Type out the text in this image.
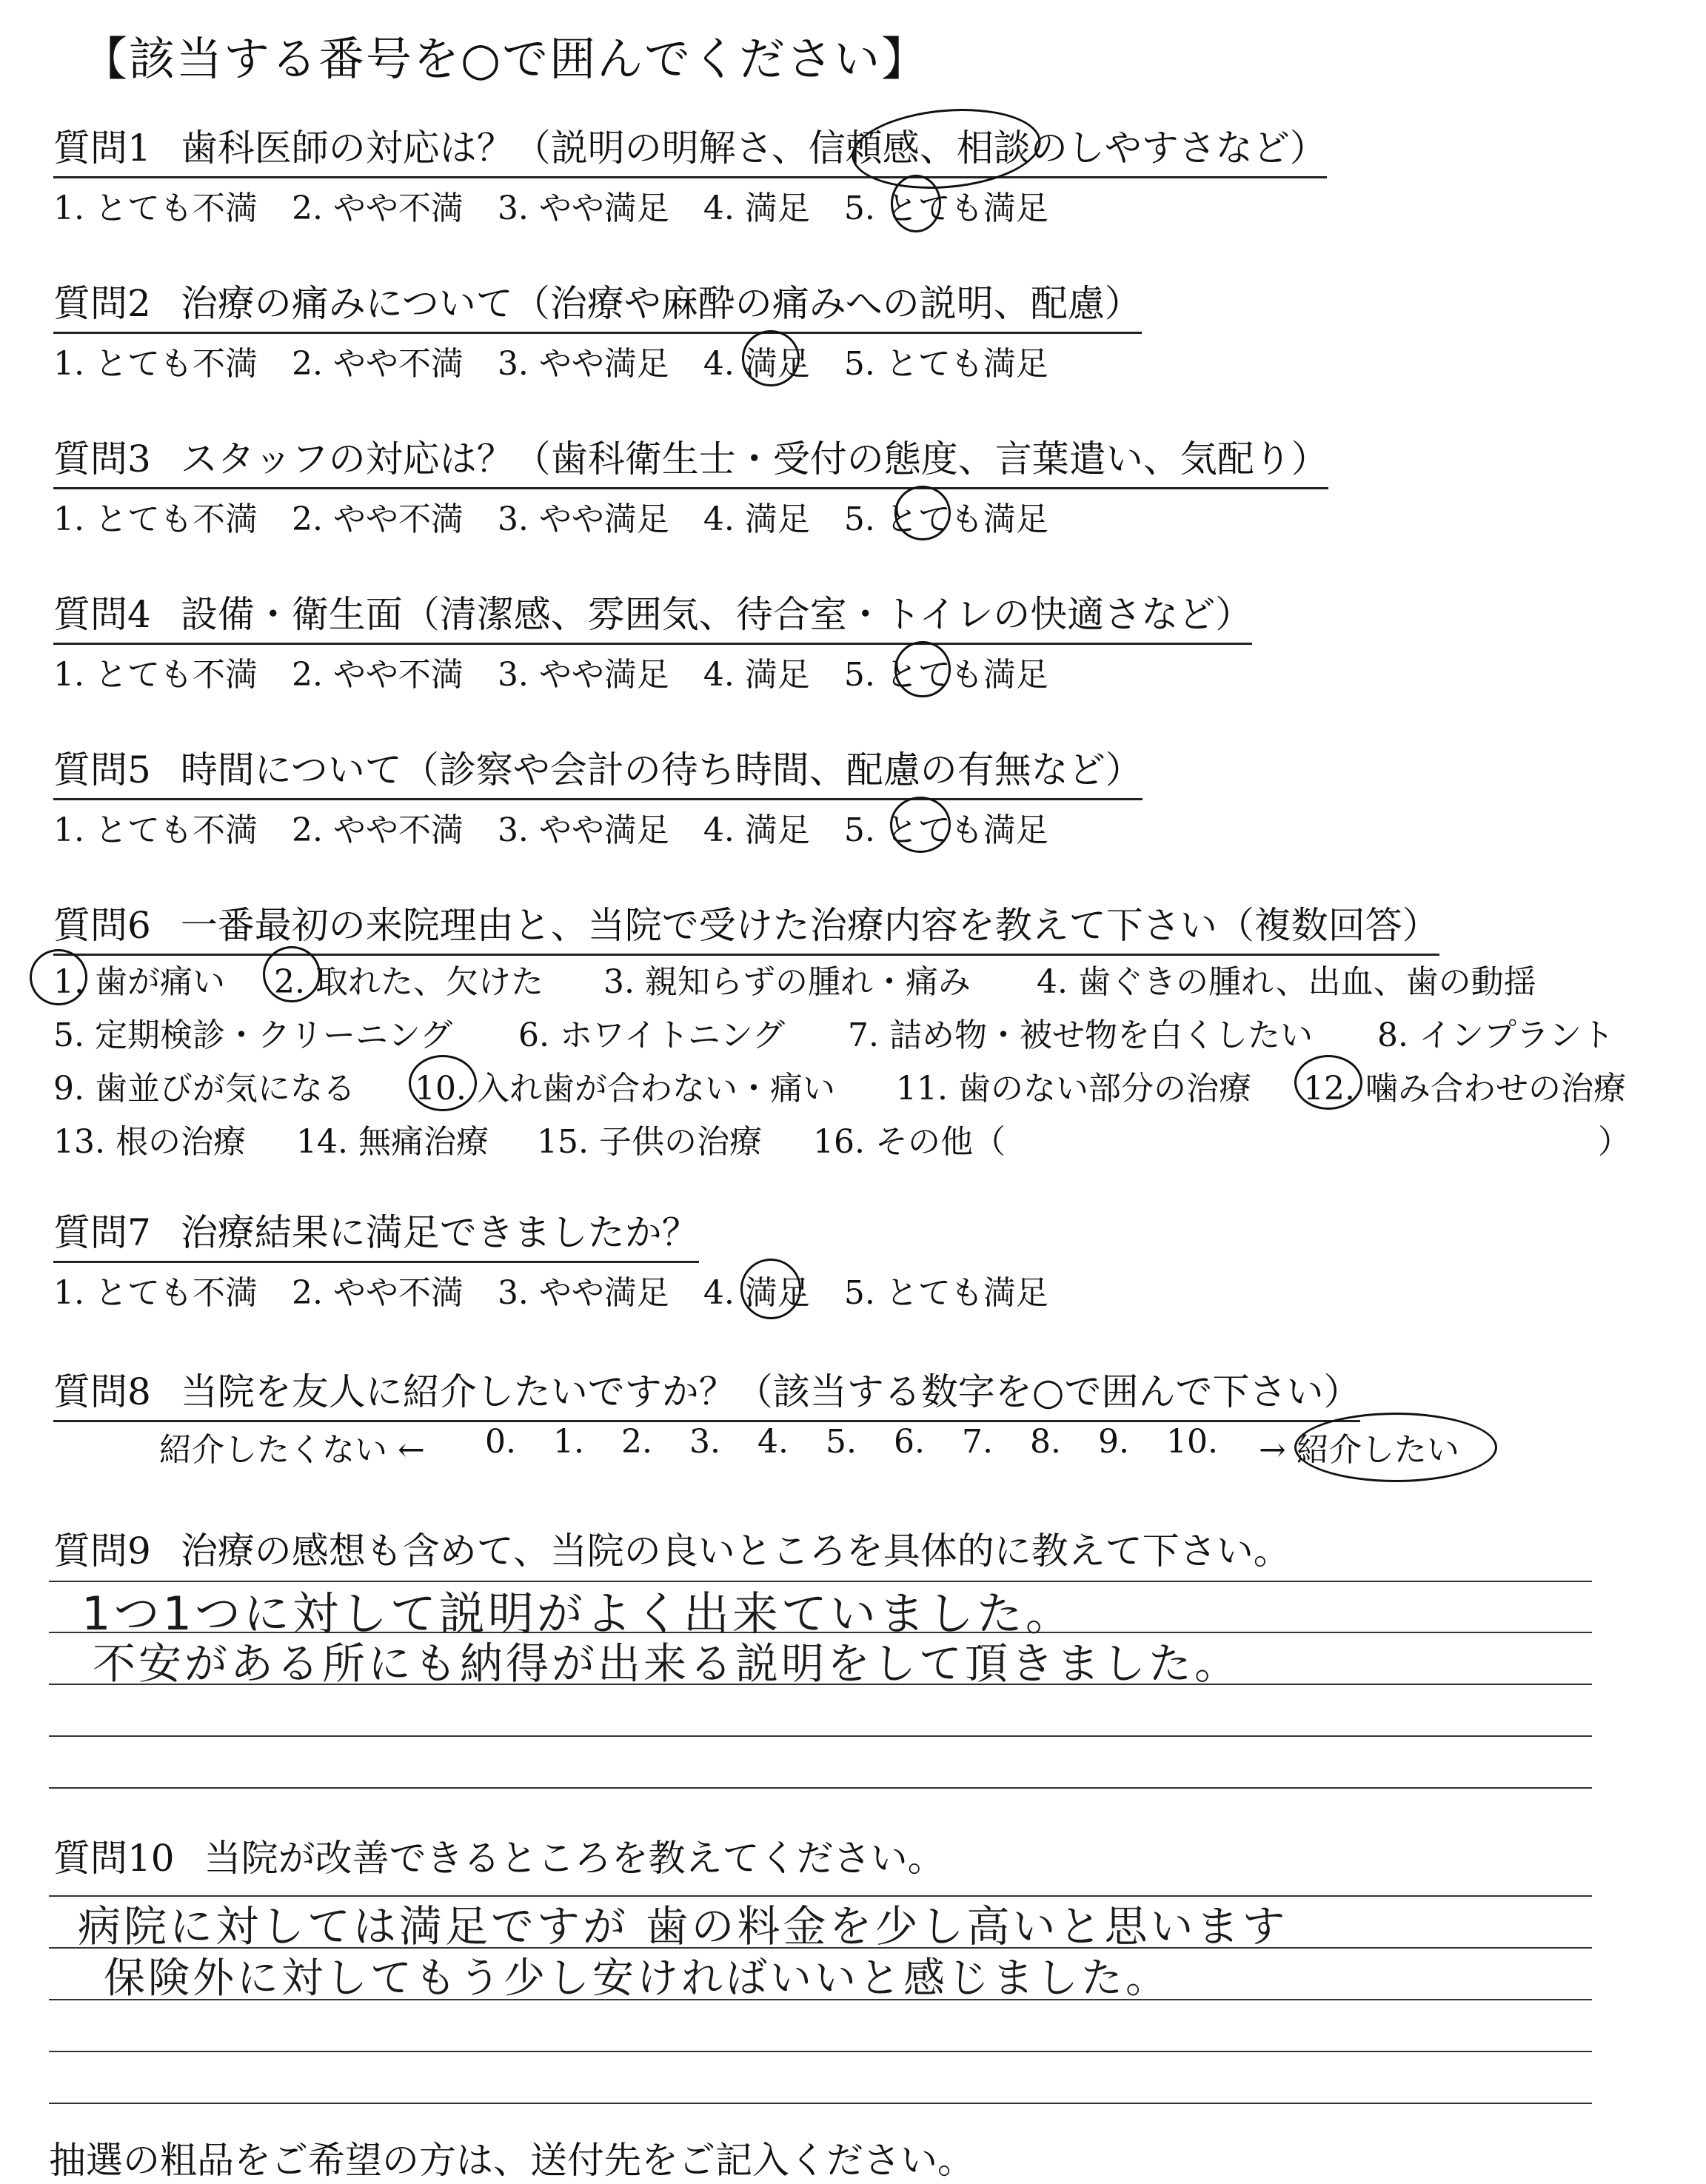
【該当する番号を○で囲んでください】
質問1 歯科医師の対応は？（説明の明解さ、信頼感、相談のしやすさなど）
1. とても不満 2. やや不満 3. やや満足 4. 満足 5. とても満足
質問2 治療の痛みについて（治療や麻酔の痛みへの説明、配慮）
1. とても不満 2. やや不満 3. やや満足 4. 満足 5. とても満足
質問3 スタッフの対応は？（歯科衛生士・受付の態度、言葉遣い、気配り）
1. とても不満 2. やや不満 3. やや満足 4. 満足 5. とても満足
質問4 設備・衛生面（清潔感、雰囲気、待合室・トイレの快適さなど）
1. とても不満 2. やや不満 3. やや満足 4. 満足 5. とても満足
質問5 時間について（診察や会計の待ち時間、配慮の有無など）
1. とても不満 2. やや不満 3. やや満足 4. 満足 5. とても満足
質問6 一番最初の来院理由と、当院で受けた治療内容を教えて下さい（複数回答）
1. 歯が痛い 2. 取れた、欠けた 3. 親知らずの腫れ・痛み 4. 歯ぐきの腫れ、出血、歯の動揺
5. 定期検診・クリーニング 6. ホワイトニング 7. 詰め物・被せ物を白くしたい 8. インプラント
9. 歯並びが気になる 10. 入れ歯が合わない・痛い 11. 歯のない部分の治療 12. 噛み合わせの治療
13. 根の治療 14. 無痛治療 15. 子供の治療 16. その他（	）
質問7 治療結果に満足できましたか？
1. とても不満 2. やや不満 3. やや満足 4. 満足 5. とても満足
質問8 当院を友人に紹介したいですか？（該当する数字を○で囲んで下さい）
紹介したくない ← 0. 1. 2. 3. 4. 5. 6. 7. 8. 9. 10.	→ 紹介したい
質問9 治療の感想も含めて、当院の良いところを具体的に教えて下さい。
1つ1つに対して説明がよく出来ていました。
不安がある所にも納得が出来る説明をして頂きました。
質問10 当院が改善できるところを教えてください。
病院に対しては満足ですが 歯の料金を少し高いと思います
保険外に対してもう少し安ければいいと感じました。
抽選の粗品をご希望の方は、送付先をご記入ください。
